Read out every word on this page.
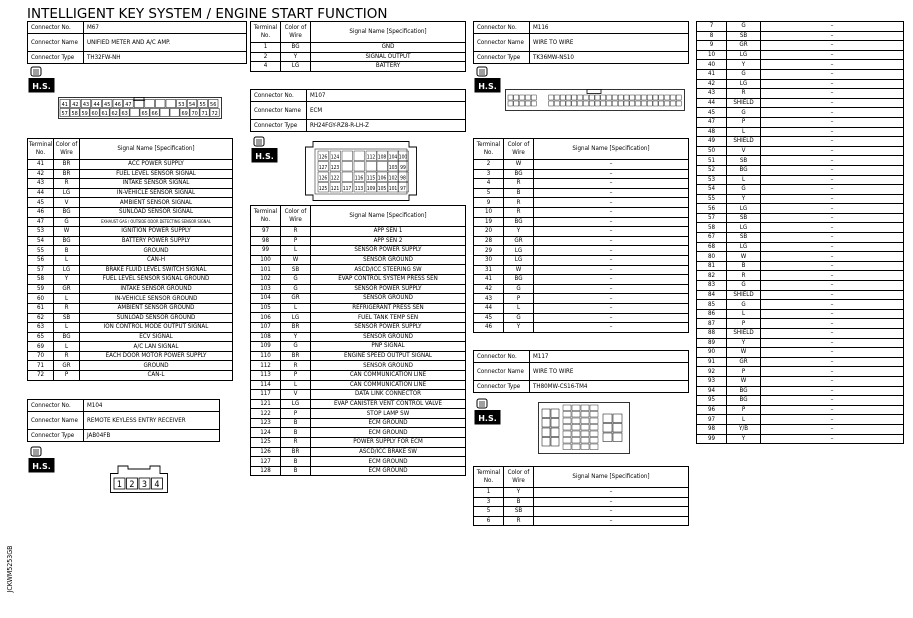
INTELLIGENT KEY SYSTEM / ENGINE START FUNCTION
JCKWM5253GB
Connector No.	M67
Connector Name	UNIFIED METER AND A/C AMP.
Connector Type	TH32FW-NH
H.S.
41 42 43 44 45 46 47	53 54 55 56
57 58 59 60 61 62 63 65 66	69 70 71 72
Terminal No.	Color of Wire	Signal Name [Specification]
41	BR	ACC POWER SUPPLY
42	BR	FUEL LEVEL SENSOR SIGNAL
43	R	INTAKE SENSOR SIGNAL
44	LG	IN-VEHICLE SENSOR SIGNAL
45	V	AMBIENT SENSOR SIGNAL
46	BG	SUNLOAD SENSOR SIGNAL
47	G	EXHAUST GAS / OUTSIDE ODOR DETECTING SENSOR SIGNAL
53	W	IGNITION POWER SUPPLY
54	BG	BATTERY POWER SUPPLY
55	B	GROUND
56	L	CAN-H
57	LG	BRAKE FLUID LEVEL SWITCH SIGNAL
58	Y	FUEL LEVEL SENSOR SIGNAL GROUND
59	GR	INTAKE SENSOR GROUND
60	L	IN-VEHICLE SENSOR GROUND
61	R	AMBIENT SENSOR GROUND
62	SB	SUNLOAD SENSOR GROUND
63	L	ION CONTROL MODE OUTPUT SIGNAL
65	BG	ECV SIGNAL
69	L	A/C LAN SIGNAL
70	R	EACH DOOR MOTOR POWER SUPPLY
71	GR	GROUND
72	P	CAN-L
Connector No.	M104
Connector Name	REMOTE KEYLESS ENTRY RECEIVER
Connector Type	JAB04FB
H.S.
1 2 3 4
Terminal No.	Color of Wire	Signal Name [Specification]
1	BG	GND
2	Y	SIGNAL OUTPUT
4	LG	BATTERY
Connector No.	M107
Connector Name	ECM
Connector Type	RH24FGY-RZ8-R-LH-Z
H.S.	126 124	112 108 104 100
127 123	103 99
126 122	116 115 106 102 98
125 121 117 113 109 105 101 97
Terminal No.	Color of Wire	Signal Name [Specification]
97	R	APP SEN 1
98	P	APP SEN 2
99	L	SENSOR POWER SUPPLY
100	W	SENSOR GROUND
101	SB	ASCD/ICC STEERING SW
102	G	EVAP CONTROL SYSTEM PRESS SEN
103	G	SENSOR POWER SUPPLY
104	GR	SENSOR GROUND
105	L	REFRIGERANT PRESS SEN
106	LG	FUEL TANK TEMP SEN
107	BR	SENSOR POWER SUPPLY
108	Y	SENSOR GROUND
109	G	PNP SIGNAL
110	BR	ENGINE SPEED OUTPUT SIGNAL
112	R	SENSOR GROUND
113	P	CAN COMMUNICATION LINE
114	L	CAN COMMUNICATION LINE
117	V	DATA LINK CONNECTOR
121	LG	EVAP CANISTER VENT CONTROL VALVE
122	P	STOP LAMP SW
123	B	ECM GROUND
124	B	ECM GROUND
125	R	POWER SUPPLY FOR ECM
126	BR	ASCD/ICC BRAKE SW
127	B	ECM GROUND
128	B	ECM GROUND
Connector No.	M116
Connector Name	WIRE TO WIRE
Connector Type	TK36MW-NS10
H.S.
Terminal No.	Color of Wire	Signal Name [Specification]
2	W	–
3	BG	–
4	R	–
5	B	–
9	R	–
10	R	–
19	BG	–
20	Y	–
28	GR	–
29	LG	–
30	LG	–
31	W	–
41	BG	–
42	G	–
43	P	–
44	L	–
45	G	–
46	Y	–
Connector No.	M117
Connector Name	WIRE TO WIRE
Connector Type	TH80MW-CS16-TM4
H.S.
Terminal No.	Color of Wire	Signal Name [Specification]
1	Y	–
3	B	–
5	SB	–
6	R	–
7	G	–
8	SB	–
9	GR	–
10	LG	–
40	Y	–
41	G	–
42	LG	–
43	R	–
44	SHIELD	–
45	G	–
47	P	–
48	L	–
49	SHIELD	–
50	V	–
51	SB	–
52	BG	–
53	L	–
54	G	–
55	Y	–
56	LG	–
57	SB	–
58	LG	–
67	SB	–
68	LG	–
80	W	–
81	B	–
82	R	–
83	G	–
84	SHIELD	–
85	G	–
86	L	–
87	P	–
88	SHIELD	–
89	Y	–
90	W	–
91	GR	–
92	P	–
93	W	–
94	BG	–
95	BG	–
96	P	–
97	L	–
98	Y/B	–
99	Y	–
